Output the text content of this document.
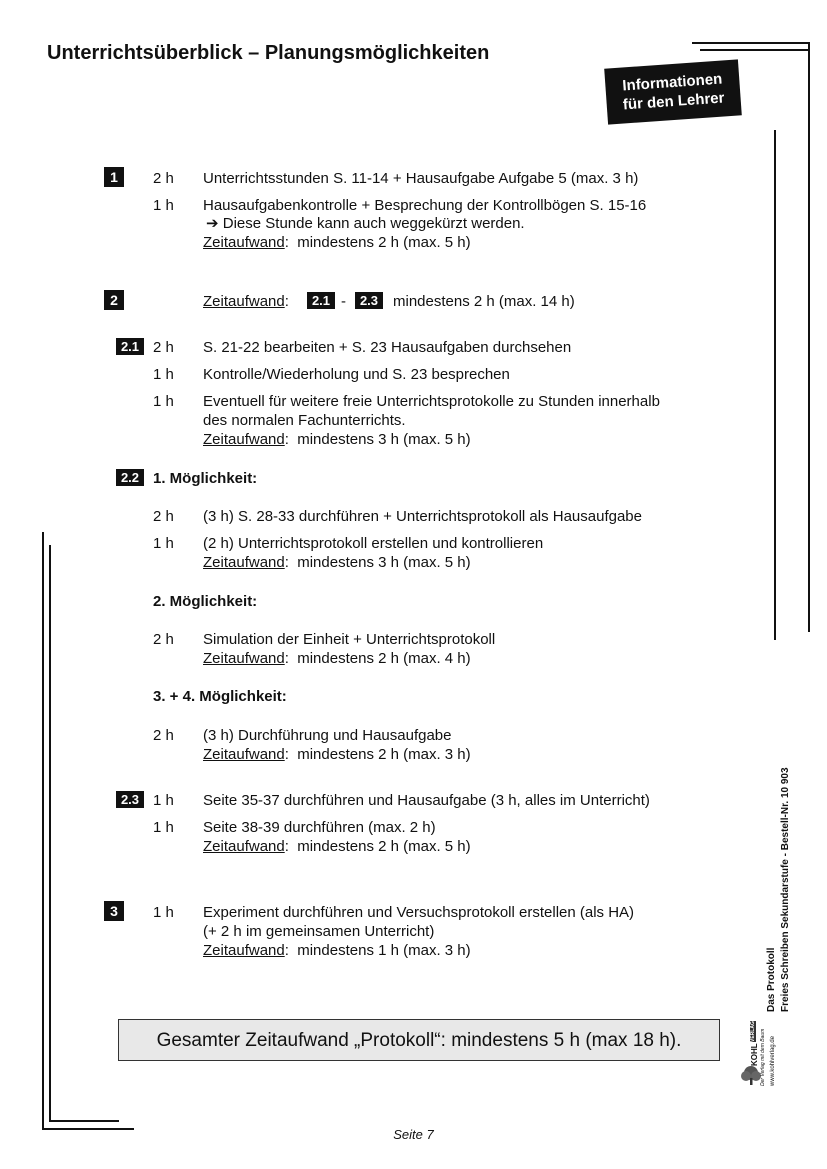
Unterrichtsüberblick – Planungsmöglichkeiten
Informationen
für den Lehrer
1	2 h Unterrichtsstunden S. 11-14 + Hausaufgabe Aufgabe 5 (max. 3 h)
1 h Hausaufgabenkontrolle + Besprechung der Kontrollbögen S. 15-16
➔ Diese Stunde kann auch weggekürzt werden.
Zeitaufwand:  mindestens 2 h (max. 5 h)
2	Zeitaufwand:	2.1 -	2.3 mindestens 2 h (max. 14 h)
2.1 2 h S. 21-22 bearbeiten + S. 23 Hausaufgaben durchsehen
1 h Kontrolle/Wiederholung und S. 23 besprechen
1 h Eventuell für weitere freie Unterrichtsprotokolle zu Stunden innerhalb
des normalen Fachunterrichts.
Zeitaufwand:  mindestens 3 h (max. 5 h)
2.2 1. Möglichkeit:
2 h (3 h) S. 28-33 durchführen + Unterrichtsprotokoll als Hausaufgabe
1 h (2 h) Unterrichtsprotokoll erstellen und kontrollieren
Zeitaufwand:  mindestens 3 h (max. 5 h)
2. Möglichkeit:
2 h Simulation der Einheit + Unterrichtsprotokoll
Zeitaufwand:  mindestens 2 h (max. 4 h)
3. + 4. Möglichkeit:
2 h (3 h) Durchführung und Hausaufgabe
Zeitaufwand:  mindestens 2 h (max. 3 h)
2.3 1 h Seite 35-37 durchführen und Hausaufgabe (3 h, alles im Unterricht)
1 h Seite 38-39 durchführen (max. 2 h)
Zeitaufwand:  mindestens 2 h (max. 5 h)
3	1 h Experiment durchführen und Versuchsprotokoll erstellen (als HA)
(+ 2 h im gemeinsamen Unterricht)
Zeitaufwand:  mindestens 1 h (max. 3 h)
Gesamter Zeitaufwand „Protokoll“: mindestens 5 h (max 18 h).
Das Protokoll Freies Schreiben Sekundarstufe - Bestell-Nr. 10 903
KOHL
VERLAG Der Verlag mit dem Baum www.kohlverlag.de
Seite 7
